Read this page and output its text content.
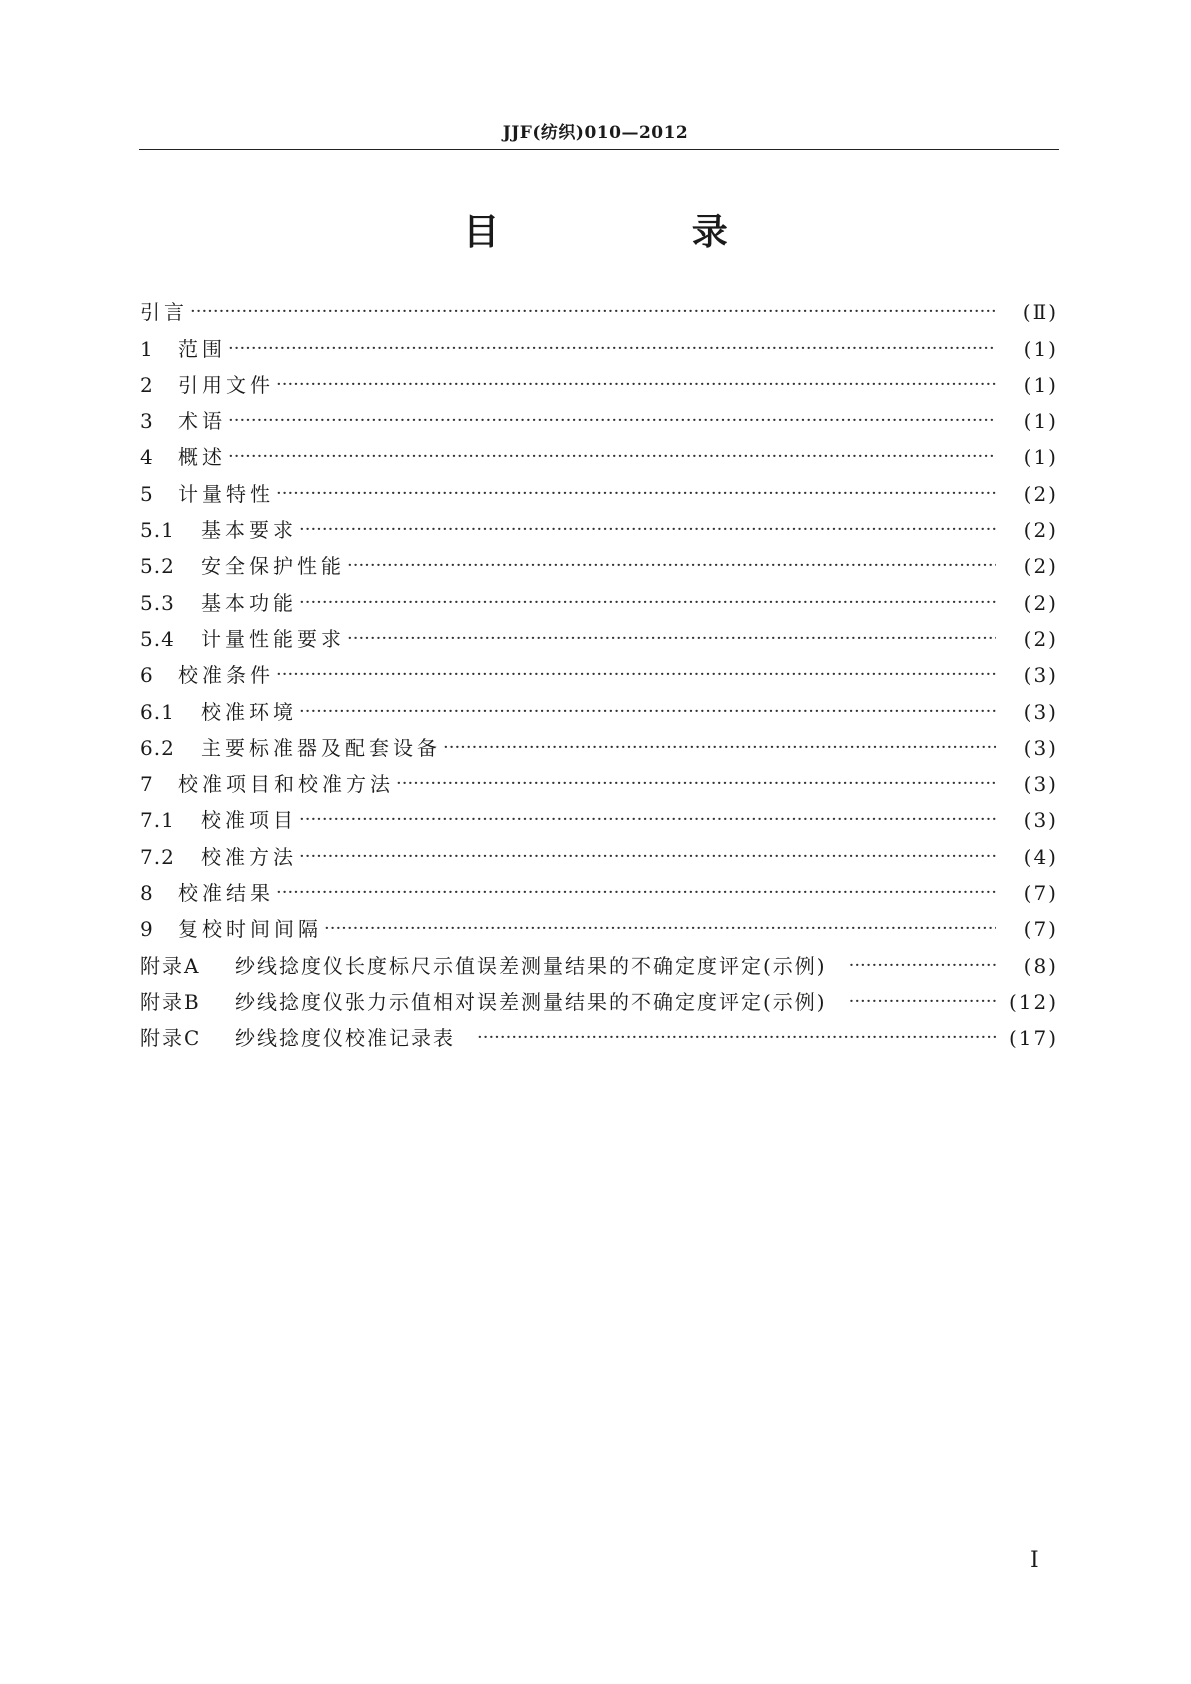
JJF(纺织)010—2012
目 录
引言 ·····	(Ⅱ)
1	范围 ·····	(1)
2	引用文件 ·····	(1)
3	术语 ·····	(1)
4	概述 ·····	(1)
5	计量特性 ·····	(2)
5.1	基本要求 ·····	(2)
5.2	安全保护性能 ·····	(2)
5.3	基本功能 ·····	(2)
5.4	计量性能要求 ·····	(2)
6	校准条件 ·····	(3)
6.1	校准环境 ·····	(3)
6.2	主要标准器及配套设备 ·····	(3)
7	校准项目和校准方法 ·····	(3)
7.1	校准项目 ·····	(3)
7.2	校准方法 ·····	(4)
8	校准结果 ·····	(7)
9	复校时间间隔 ·····	(7)
附录A	纱线捻度仪长度标尺示值误差测量结果的不确定度评定(示例) ·····	(8)
附录B	纱线捻度仪张力示值相对误差测量结果的不确定度评定(示例) ·····	(12)
附录C	纱线捻度仪校准记录表 ·····	(17)
Ⅰ
